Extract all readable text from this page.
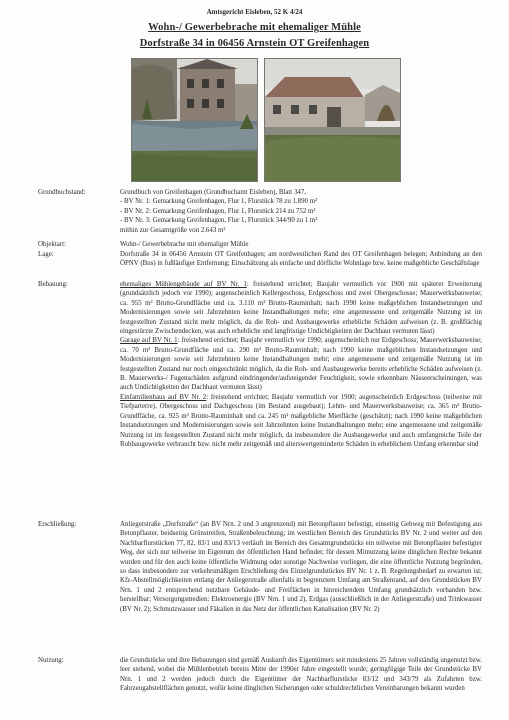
Amtsgericht Eisleben, 52 K 4/24
Wohn-/ Gewerbebrache mit ehemaliger Mühle
Dorfstraße 34 in 06456 Arnstein OT Greifenhagen
Grundbuchstand:	Grundbuch von Greifenhagen (Grundbuchamt Eisleben), Blatt 347,

- BV Nr. 1: Gemarkung Greifenhagen, Flur 1, Flurstück 78 zu 1.890 m²

- BV Nr. 2: Gemarkung Greifenhagen, Flur 1, Flurstück 214 zu 752 m²

- BV Nr. 3: Gemarkung Greifenhagen, Flur 1, Flurstück 344/90 zu 1 m²

mithin zur Gesamtgröße von 2.643 m²

Objektart:	Wohn-/ Gewerbebrache mit ehemaliger Mühle
Lage:	Dorfstraße 34 in 06456 Arnstein OT Greifenhagen; am nordwestlichen Rand des OT Greifenhagen belegen; Anbindung an den ÖPNV (Bus) in fußläufiger Entfernung; Einschätzung als einfache und dörfliche Wohnlage bzw. keine maßgebliche Geschäftslage
Bebauung:	ehemaliges Mühlengebäude auf BV Nr. 1: freistehend errichtet; Baujahr vermutlich vor 1900 mit späterer Erweiterung (grundsätzlich jedoch vor 1990); augenscheinlich Kellergeschoss, Erdgeschoss und zwei Obergeschosse; Mauerwerksbauweise; ca. 955 m² Brutto-Grundfläche und ca. 3.110 m³ Brutto-Rauminhalt; nach 1990 keine maßgeblichen Instandsetzungen und Modernisierungen sowie seit Jahrzehnten keine Instandhaltungen mehr; eine angemessene und zeitgemäße Nutzung ist im festgestellten Zustand nicht mehr möglich, da die Roh- und Ausbaugewerke erhebliche Schäden aufweisen (z. B. großflächig eingestürzte Zwischendecken, was auch erhebliche und langfristige Undichtigkeiten der Dachhaut vermuten lässt)

Garage auf BV Nr. 1: freistehend errichtet; Baujahr vermutlich vor 1990; augenscheinlich nur Erdgeschoss; Mauerwerksbauweise; ca. 70 m² Brutto-Grundfläche und ca. 290 m³ Brutto-Rauminhalt; nach 1990 keine maßgeblichen Instandsetzungen und Modernisierungen sowie seit Jahrzehnten keine Instandhaltungen mehr; eine angemessene und zeitgemäße Nutzung ist im festgestellten Zustand nur noch eingeschränkt möglich, da die Roh- und Ausbaugewerke bereits erhebliche Schäden aufweisen (z. B. Mauerwerks-/ Fugenschäden aufgrund eindringender/aufsteigender Feuchtigkeit, sowie erkennbare Nässeerscheinungen, was auch Undichtigkeiten der Dachhaut vermuten lässt)

Einfamilienhaus auf BV Nr. 2: freistehend errichtet; Baujahr vermutlich vor 1900; augenscheinlich Erdgeschoss (teilweise mit Tiefparterre), Obergeschoss und Dachgeschoss (im Bestand ausgebaut); Lehm- und Mauerwerksbauweise; ca. 365 m² Brutto-Grundfläche, ca. 925 m³ Brutto-Rauminhalt und ca. 245 m² maßgebliche Mietfläche (geschätzt); nach 1990 keine maßgeblichen Instandsetzungen und Modernisierungen sowie seit Jahrzehnten keine Instandhaltungen mehr; eine angemessene und zeitgemäße Nutzung ist im festgestellten Zustand nicht mehr möglich, da insbesondere die Ausbaugewerke und auch umfangreiche Teile der Rohbaugewerke verbraucht bzw. nicht mehr zeitgemäß und alterswertgeminderte Schäden in erheblichem Umfang erkennbar sind

Erschließung:	Anliegerstraße „Dorfstraße“ (an BV Nrn. 2 und 3 angrenzend) mit Betonpflaster befestigt, einseitig Gehweg mit Befestigung aus Betonpflaster, beidseitig Grünstreifen, Straßenbeleuchtung; im westlichen Bereich des Grundstücks BV Nr. 2 und weiter auf den Nachbarflurstücken 77, 82, 83/1 und 83/13 verläuft im Bereich des Gesamtgrundstücks ein teilweise mit Betonpflaster befestigter Weg, der sich nur teilweise im Eigentum der öffentlichen Hand befindet; für dessen Mitnutzung keine dinglichen Rechte bekannt wurden und für den auch keine öffentliche Widmung oder sonstige Nachweise vorliegen, die eine öffentliche Nutzung begründen, so dass insbesondere zur verkehrsmäßigen Erschließung des Einzelgrundstückes BV Nr. 1 z. B. Regelungsbedarf zu erwarten ist; Kfz-Abstellmöglichkeiten entlang der Anliegerstraße allenfalls in begrenztem Umfang am Straßenrand, auf den Grundstücken BV Nrn. 1 und 2 entsprechend nutzbare Gebäude- und Freiflächen in hinreichendem Umfang grundsätzlich vorhanden bzw. herstellbar; Versorgungsmedien: Elektroenergie (BV Nrn. 1 und 2), Erdgas (ausschließlich in der Anliegerstraße) und Trinkwasser (BV Nr. 2); Schmutzwasser und Fäkalien in das Netz der öffentlichen Kanalisation (BV Nr. 2)
Nutzung:	die Grundstücke und ihre Bebauungen sind gemäß Auskunft des Eigentümers seit mindestens 25 Jahren vollständig ungenutzt bzw. leer stehend, wobei die Mühlenbetrieb bereits Mitte der 1990er Jahre eingestellt wurde; geringfügige Teile der Grundstücke BV Nrn. 1 und 2 werden jedoch durch die Eigentümer der Nachbarflurstücke 83/12 und 343/79 als Zufahrten bzw. Fahrzeugabstellflächen genutzt, wofür keine dinglichen Sicherungen oder schuldrechtlichen Vereinbarungen bekannt wurden
